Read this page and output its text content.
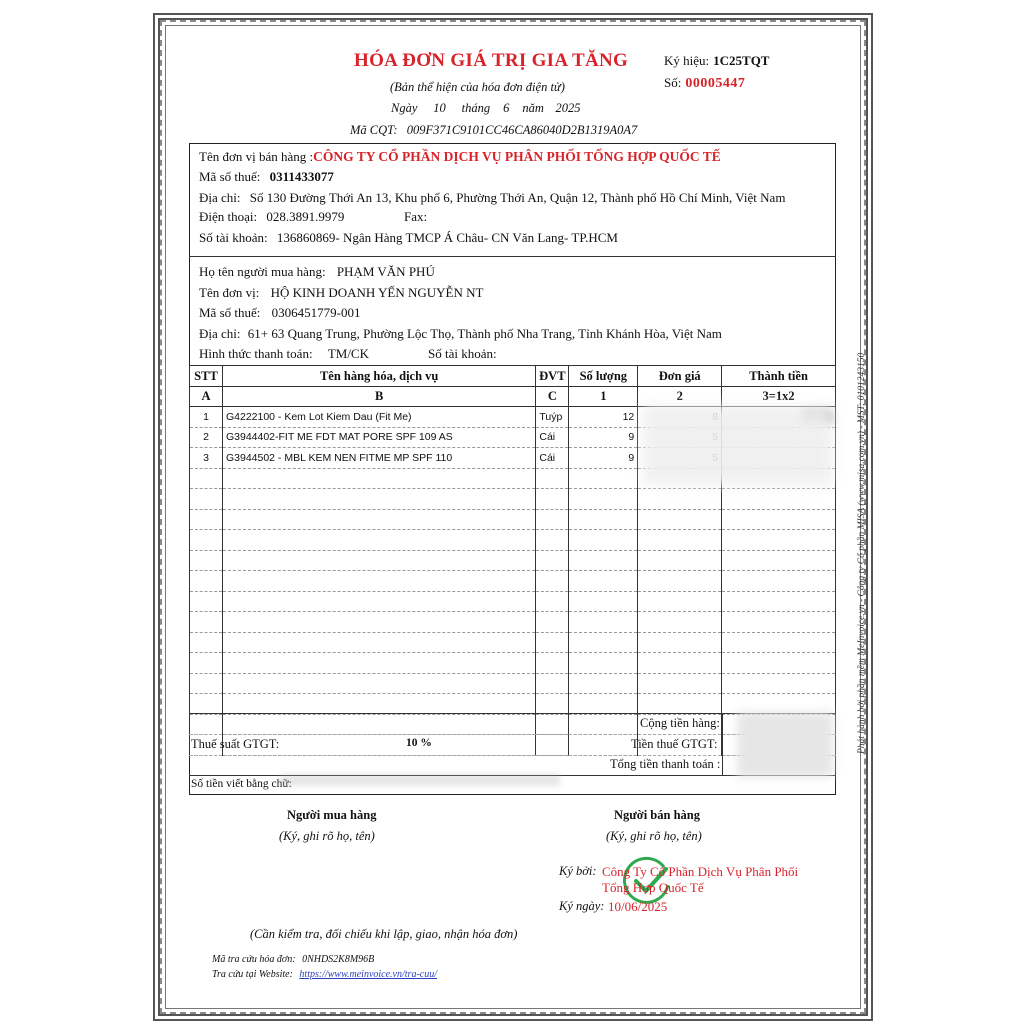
HÓA ĐƠN GIÁ TRỊ GIA TĂNG
(Bản thể hiện của hóa đơn điện tử)
Ngày 10 tháng 6 năm 2025
Mã CQT: 009F371C9101CC46CA86040D2B1319A0A7
Ký hiệu: 1C25TQT
Số: 00005447
Tên đơn vị bán hàng :CÔNG TY CỔ PHẦN DỊCH VỤ PHÂN PHỐI TỔNG HỢP QUỐC TẾ
Mã số thuế: 0311433077
Địa chỉ: Số 130 Đường Thới An 13, Khu phố 6, Phường Thới An, Quận 12, Thành phố Hồ Chí Minh, Việt Nam
Điện thoại: 028.3891.9979	Fax:
Số tài khoản: 136860869- Ngân Hàng TMCP Á Châu- CN Văn Lang- TP.HCM
Họ tên người mua hàng: PHẠM VĂN PHÚ
Tên đơn vị: HỘ KINH DOANH YẾN NGUYỄN NT
Mã số thuế: 0306451779-001
Địa chỉ: 61+ 63 Quang Trung, Phường Lộc Thọ, Thành phố Nha Trang, Tỉnh Khánh Hòa, Việt Nam
Hình thức thanh toán: TM/CK	Số tài khoản:
STT	Tên hàng hóa, dịch vụ	ĐVT	Số lượng	Đơn giá	Thành tiền
A	B	C	1	2	3=1x2
1	G4222100 - Kem Lot Kiem Dau (Fit Me)	Tuýp	12		
2	G3944402-FIT ME FDT MAT PORE SPF 109 AS	Cái	9		
3	G3944502 - MBL KEM NEN FITME MP SPF 110	Cái	9		

Cộng tiền hàng:
Thuế suất GTGT:	10 %	Tiền thuế GTGT:
Tổng tiền thanh toán :
Số tiền viết bằng chữ:
Người mua hàng
(Ký, ghi rõ họ, tên)
Người bán hàng
(Ký, ghi rõ họ, tên)
Ký bởi: Công Ty Cổ Phần Dịch Vụ Phân Phối
Tổng Hợp Quốc Tế
Ký ngày: 10/06/2025
(Cần kiểm tra, đối chiếu khi lập, giao, nhận hóa đơn)
Mã tra cứu hóa đơn: 0NHDS2K8M96B
Tra cứu tại Website: https://www.meinvoice.vn/tra-cuu/
Phát hành bởi phần mềm MeInvoice.vn - Công ty Cổ phần MISA (www.misa.com.vn) - MST: 0101243150
